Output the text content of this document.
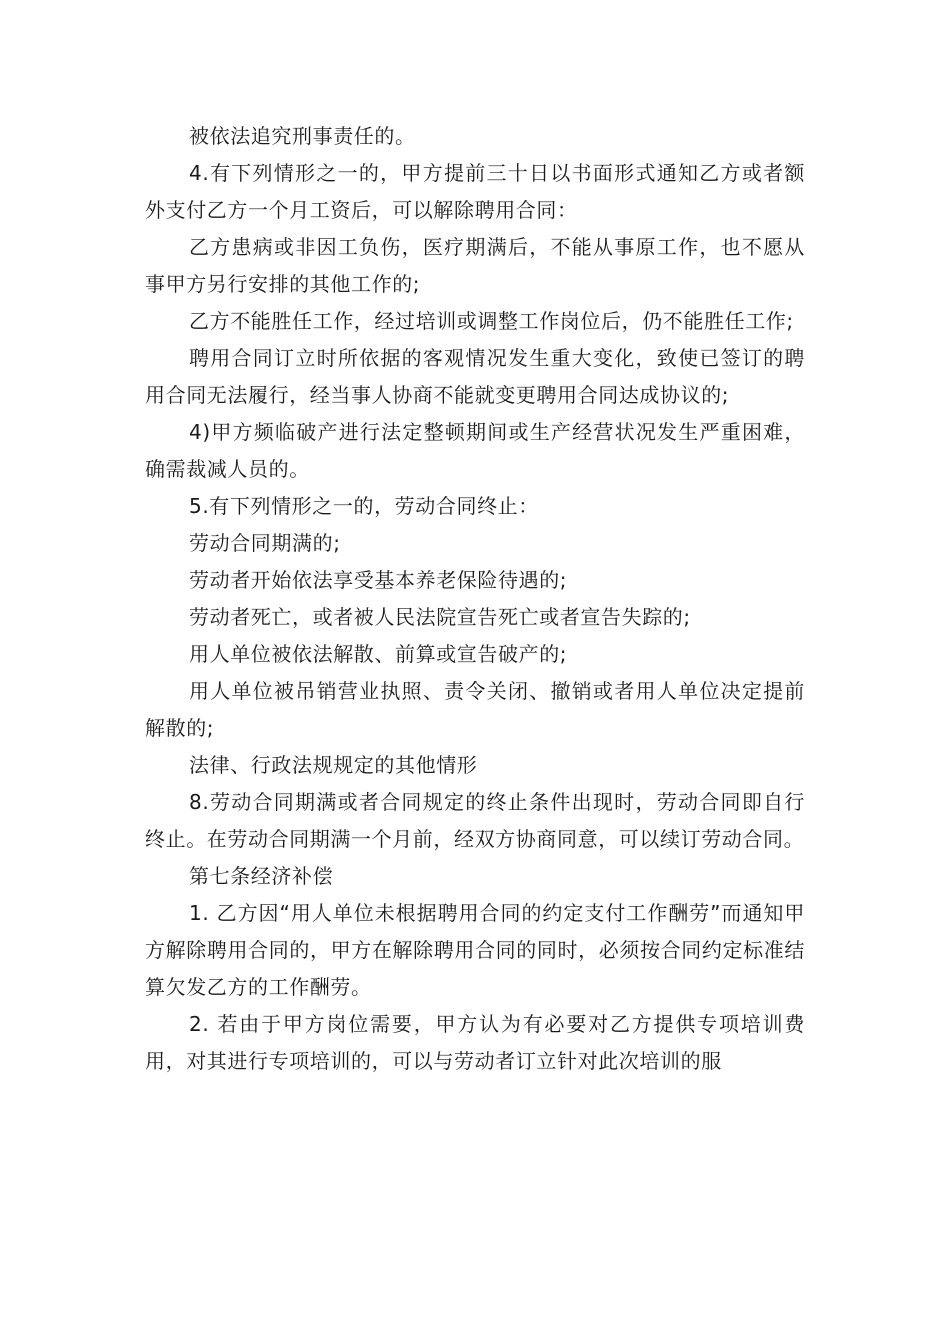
被依法追究刑事责任的。

4.有下列情形之一的，甲方提前三十日以书面形式通知乙方或者额外支付乙方一个月工资后，可以解除聘用合同：

乙方患病或非因工负伤，医疗期满后，不能从事原工作，也不愿从事甲方另行安排的其他工作的;

乙方不能胜任工作，经过培训或调整工作岗位后，仍不能胜任工作;

聘用合同订立时所依据的客观情况发生重大变化，致使已签订的聘用合同无法履行，经当事人协商不能就变更聘用合同达成协议的;

4)甲方频临破产进行法定整顿期间或生产经营状况发生严重困难，确需裁减人员的。

5.有下列情形之一的，劳动合同终止：

劳动合同期满的;

劳动者开始依法享受基本养老保险待遇的;

劳动者死亡，或者被人民法院宣告死亡或者宣告失踪的;

用人单位被依法解散、前算或宣告破产的;

用人单位被吊销营业执照、责令关闭、撤销或者用人单位决定提前解散的;

法律、行政法规规定的其他情形

8.劳动合同期满或者合同规定的终止条件出现时，劳动合同即自行终止。在劳动合同期满一个月前，经双方协商同意，可以续订劳动合同。

第七条经济补偿

1. 乙方因“用人单位未根据聘用合同的约定支付工作酬劳”而通知甲方解除聘用合同的，甲方在解除聘用合同的同时，必须按合同约定标准结算欠发乙方的工作酬劳。

2. 若由于甲方岗位需要，甲方认为有必要对乙方提供专项培训费用，对其进行专项培训的，可以与劳动者订立针对此次培训的服
